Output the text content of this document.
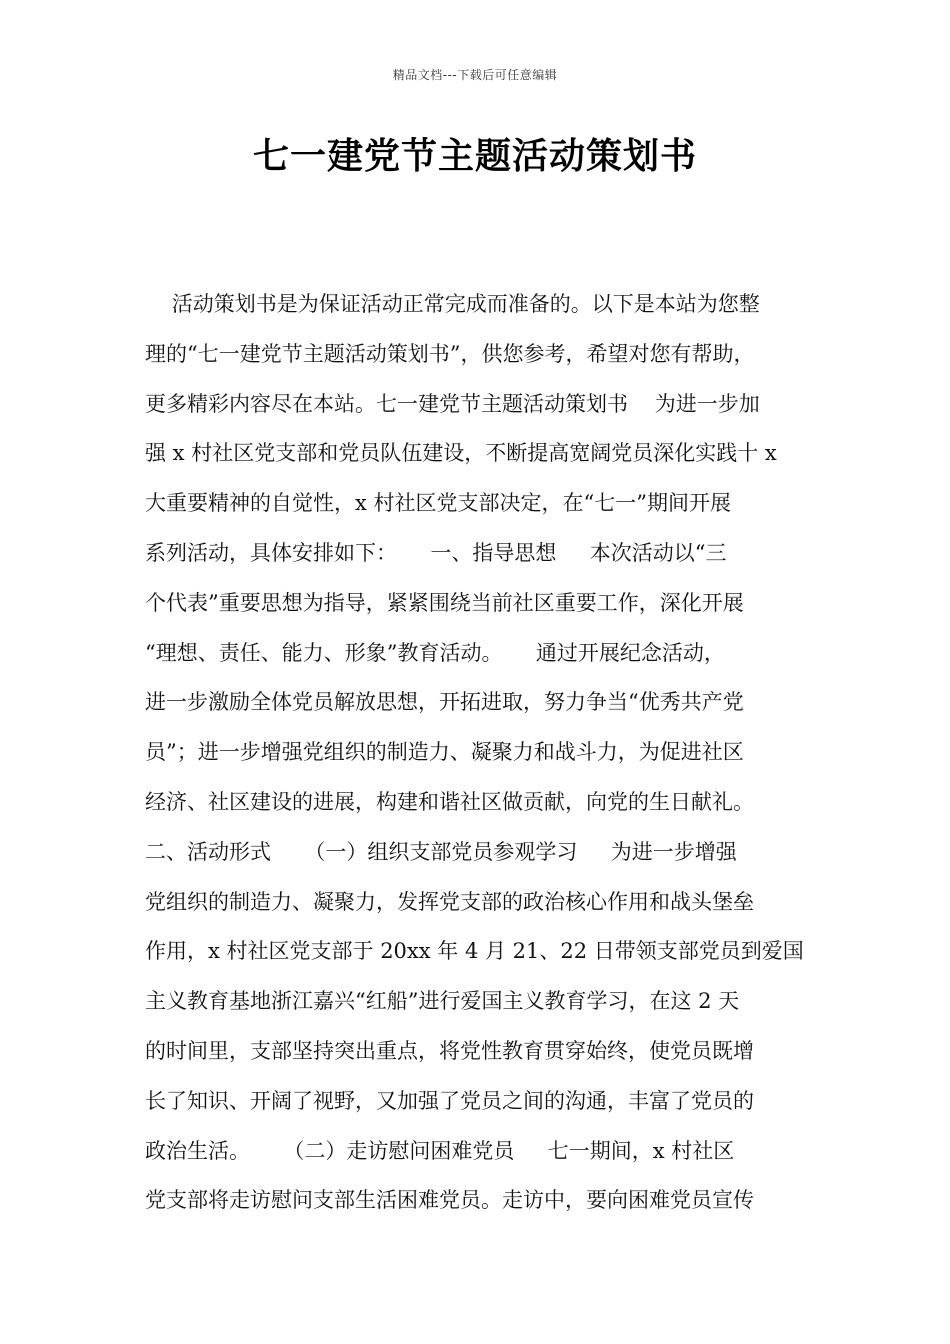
精品文档---下载后可任意编辑
七一建党节主题活动策划书
活动策划书是为保证活动正常完成而准备的。以下是本站为您整
理的“七一建党节主题活动策划书”，供您参考，希望对您有帮助，
更多精彩内容尽在本站。七一建党节主题活动策划书    为进一步加
强 x 村社区党支部和党员队伍建设，不断提高宽阔党员深化实践十 x
大重要精神的自觉性，x 村社区党支部决定，在“七一”期间开展
系列活动，具体安排如下：     一、指导思想     本次活动以“三
个代表”重要思想为指导，紧紧围绕当前社区重要工作，深化开展
“理想、责任、能力、形象”教育活动。     通过开展纪念活动，
进一步激励全体党员解放思想，开拓进取，努力争当“优秀共产党
员”；进一步增强党组织的制造力、凝聚力和战斗力，为促进社区
经济、社区建设的进展，构建和谐社区做贡献，向党的生日献礼。
二、活动形式     （一）组织支部党员参观学习     为进一步增强
党组织的制造力、凝聚力，发挥党支部的政治核心作用和战头堡垒
作用，x 村社区党支部于 20xx 年 4 月 21、22 日带领支部党员到爱国
主义教育基地浙江嘉兴“红船”进行爱国主义教育学习，在这 2 天
的时间里，支部坚持突出重点，将党性教育贯穿始终，使党员既增
长了知识、开阔了视野，又加强了党员之间的沟通，丰富了党员的
政治生活。     （二）走访慰问困难党员     七一期间，x 村社区
党支部将走访慰问支部生活困难党员。走访中，要向困难党员宣传
